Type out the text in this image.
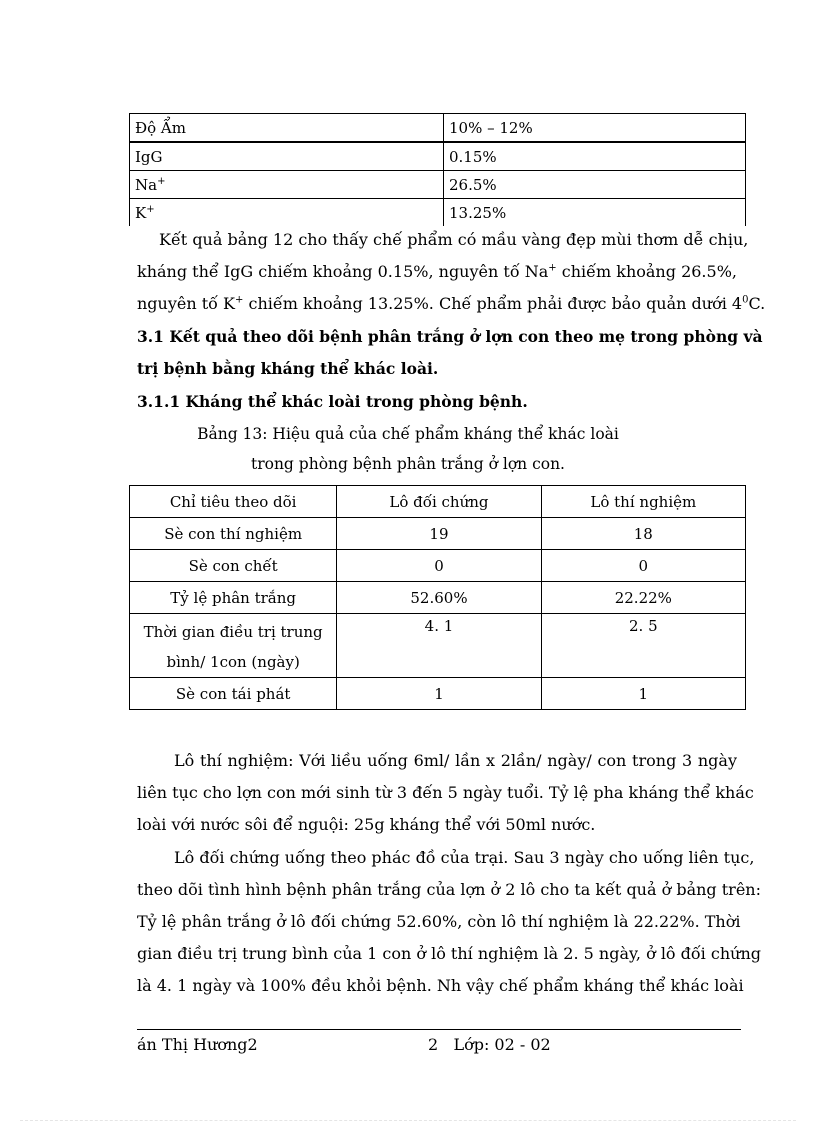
Độ Ẩm	10% – 12%
IgG	0.15%
Na+	26.5%
K+	13.25%
Kết quả bảng 12 cho thấy chế phẩm có mầu vàng đẹp mùi thơm dễ chịu,
kháng thể IgG chiếm khoảng 0.15%, nguyên tố Na+ chiếm khoảng 26.5%,
nguyên tố K+ chiếm khoảng 13.25%. Chế phẩm phải được bảo quản dưới $4^0C$.
3.1 Kết quả theo dõi bệnh phân trắng ở lợn con theo mẹ trong phòng và
trị bệnh bằng kháng thể khác loài.
3.1.1 Kháng thể khác loài trong phòng bệnh.
Bảng 13: Hiệu quả của chế phẩm kháng thể khác loài
trong phòng bệnh phân trắng ở lợn con.
Chỉ tiêu theo dõi	Lô đối chứng	Lô thí nghiệm
Sè con thí nghiệm	19	18
Sè con chết	0	0
Tỷ lệ phân trắng	52.60%	22.22%

Thời gian điều trị trung
bình/ 1con (ngày)	4. 1	2. 5
Sè con tái phát	1	1
Lô thí nghiệm: Với liều uống 6ml/ lần x 2lần/ ngày/ con trong 3 ngày
liên tục cho lợn con mới sinh từ 3 đến 5 ngày tuổi. Tỷ lệ pha kháng thể khác
loài với nước sôi để nguội: 25g kháng thể với 50ml nước.
Lô đối chứng uống theo phác đồ của trại. Sau 3 ngày cho uống liên tục,
theo dõi tình hình bệnh phân trắng của lợn ở 2 lô cho ta kết quả ở bảng trên:
Tỷ lệ phân trắng ở lô đối chứng 52.60%, còn lô thí nghiệm là 22.22%. Thời
gian điều trị trung bình của 1 con ở lô thí nghiệm là 2. 5 ngày, ở lô đối chứng
là 4. 1 ngày và 100% đều khỏi bệnh. Nh vậy chế phẩm kháng thể khác loài
án Thị Hương2	2 Lớp: 02 - 02
